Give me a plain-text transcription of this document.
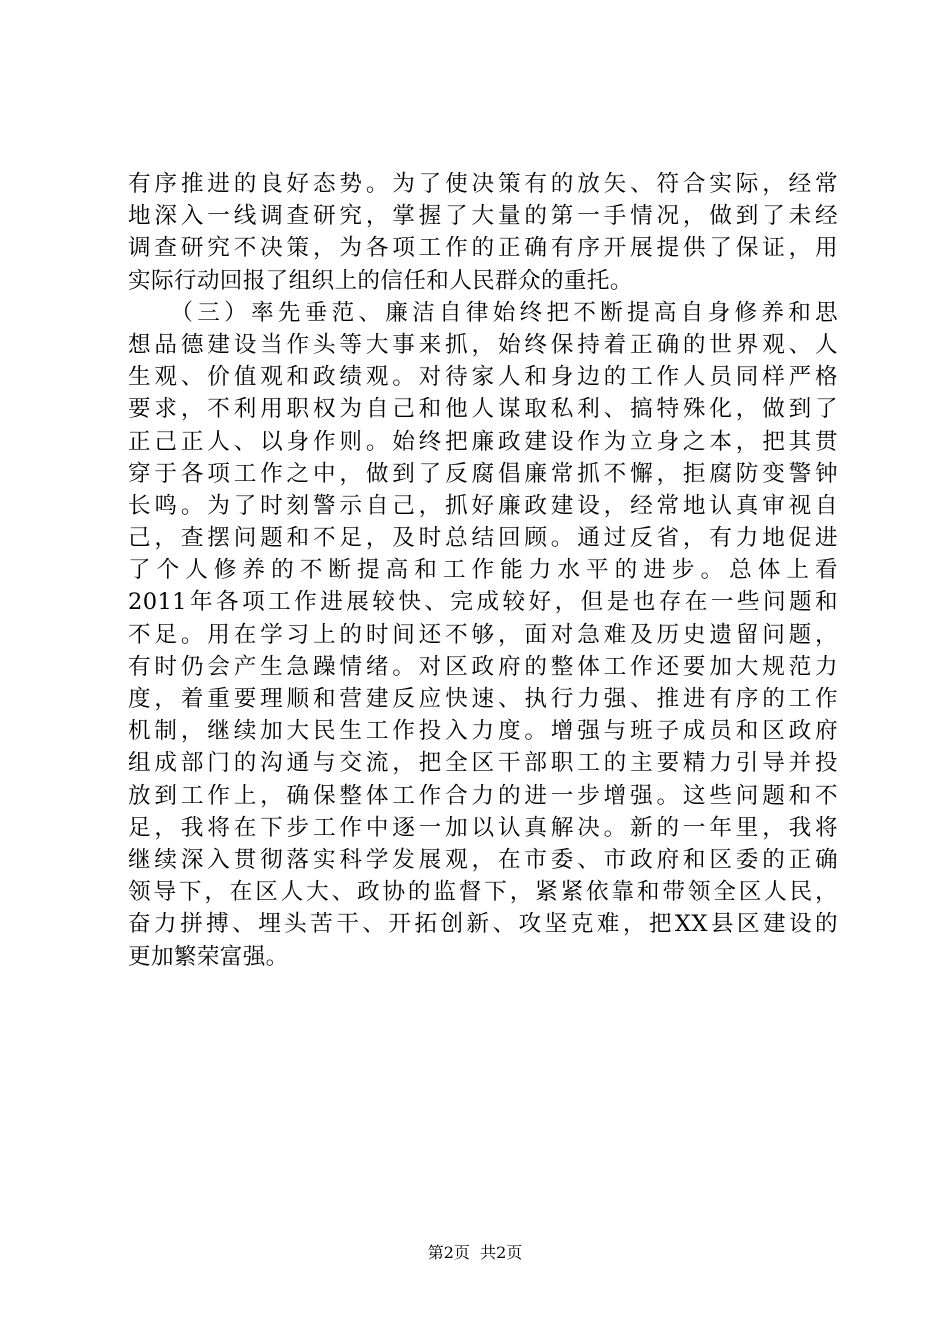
有序推进的良好态势。为了使决策有的放矢、符合实际，经常
地深入一线调查研究，掌握了大量的第一手情况，做到了未经
调查研究不决策，为各项工作的正确有序开展提供了保证，用
实际行动回报了组织上的信任和人民群众的重托。
　　（三）率先垂范、廉洁自律始终把不断提高自身修养和思
想品德建设当作头等大事来抓，始终保持着正确的世界观、人
生观、价值观和政绩观。对待家人和身边的工作人员同样严格
要求，不利用职权为自己和他人谋取私利、搞特殊化，做到了
正己正人、以身作则。始终把廉政建设作为立身之本，把其贯
穿于各项工作之中，做到了反腐倡廉常抓不懈，拒腐防变警钟
长鸣。为了时刻警示自己，抓好廉政建设，经常地认真审视自
己，查摆问题和不足，及时总结回顾。通过反省，有力地促进
了个人修养的不断提高和工作能力水平的进步。总体上看
2011年各项工作进展较快、完成较好，但是也存在一些问题和
不足。用在学习上的时间还不够，面对急难及历史遗留问题，
有时仍会产生急躁情绪。对区政府的整体工作还要加大规范力
度，着重要理顺和营建反应快速、执行力强、推进有序的工作
机制，继续加大民生工作投入力度。增强与班子成员和区政府
组成部门的沟通与交流，把全区干部职工的主要精力引导并投
放到工作上，确保整体工作合力的进一步增强。这些问题和不
足，我将在下步工作中逐一加以认真解决。新的一年里，我将
继续深入贯彻落实科学发展观，在市委、市政府和区委的正确
领导下，在区人大、政协的监督下，紧紧依靠和带领全区人民，
奋力拼搏、埋头苦干、开拓创新、攻坚克难，把XX县区建设的
更加繁荣富强。
第2页  共2页
